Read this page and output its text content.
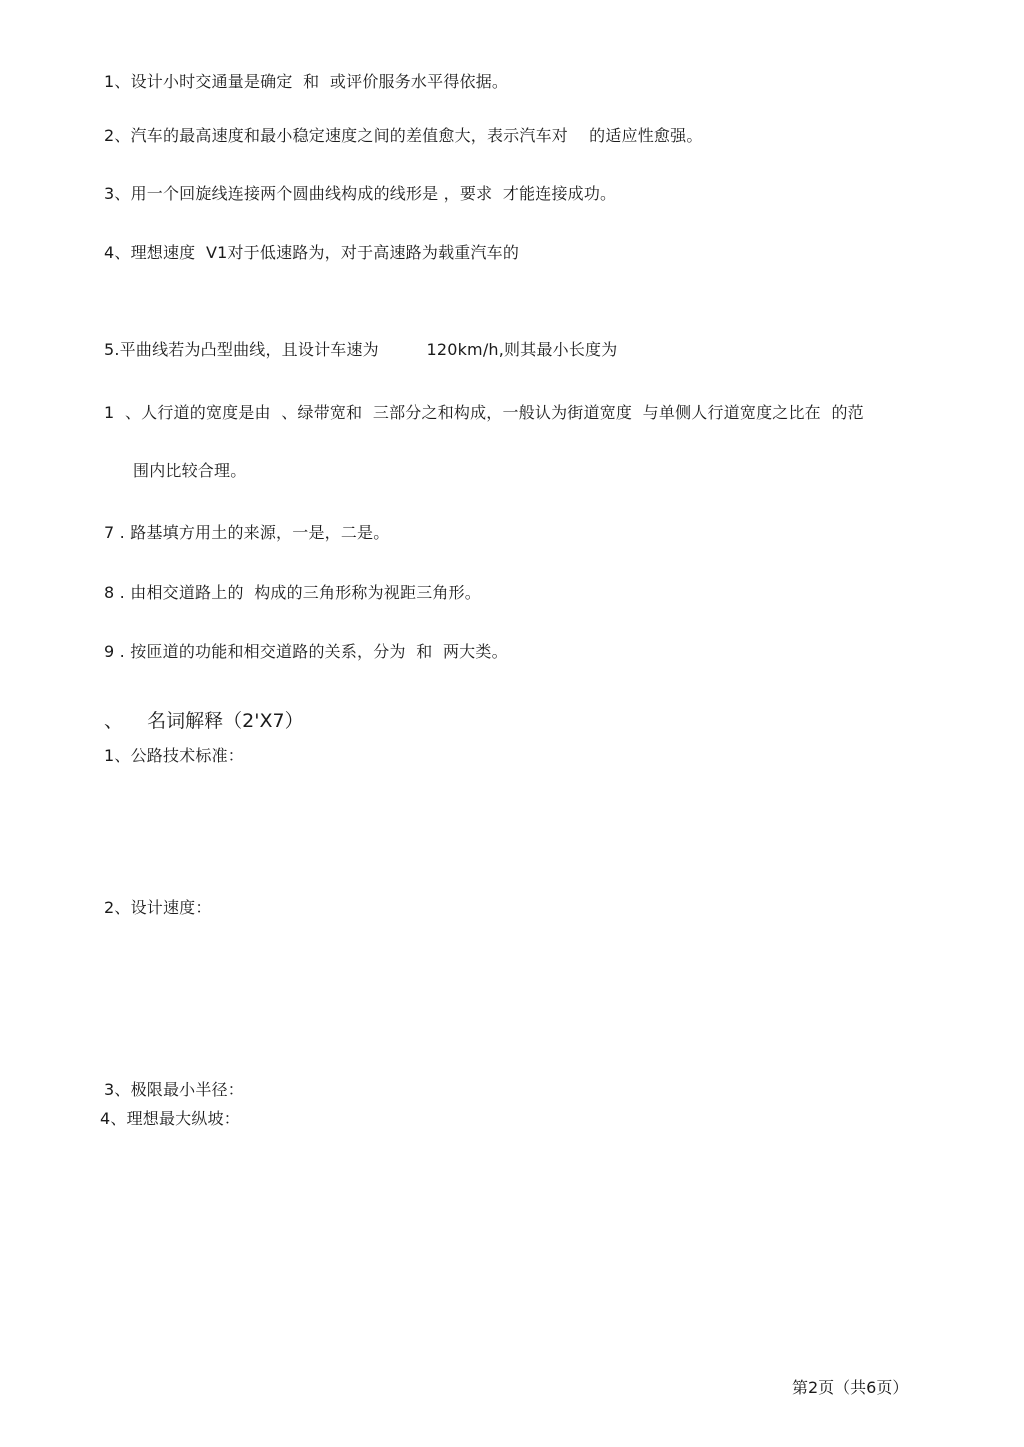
1、设计小时交通量是确定  和  或评价服务水平得依据。
2、汽车的最高速度和最小稳定速度之间的差值愈大，表示汽车对    的适应性愈强。
3、用一个回旋线连接两个圆曲线构成的线形是 ，要求  才能连接成功。
4、理想速度  V1对于低速路为，对于高速路为载重汽车的
5.平曲线若为凸型曲线，且设计车速为         120km/h,则其最小长度为
1  、人行道的宽度是由  、绿带宽和  三部分之和构成，一般认为街道宽度  与单侧人行道宽度之比在  的范
围内比较合理。
7 . 路基填方用土的来源，一是，二是。
8 . 由相交道路上的  构成的三角形称为视距三角形。
9 . 按匝道的功能和相交道路的关系，分为  和  两大类。
、    名词解释（2'X7）
1、公路技术标准：
2、设计速度：
3、极限最小半径：
4、理想最大纵坡：
第2页（共6页）
